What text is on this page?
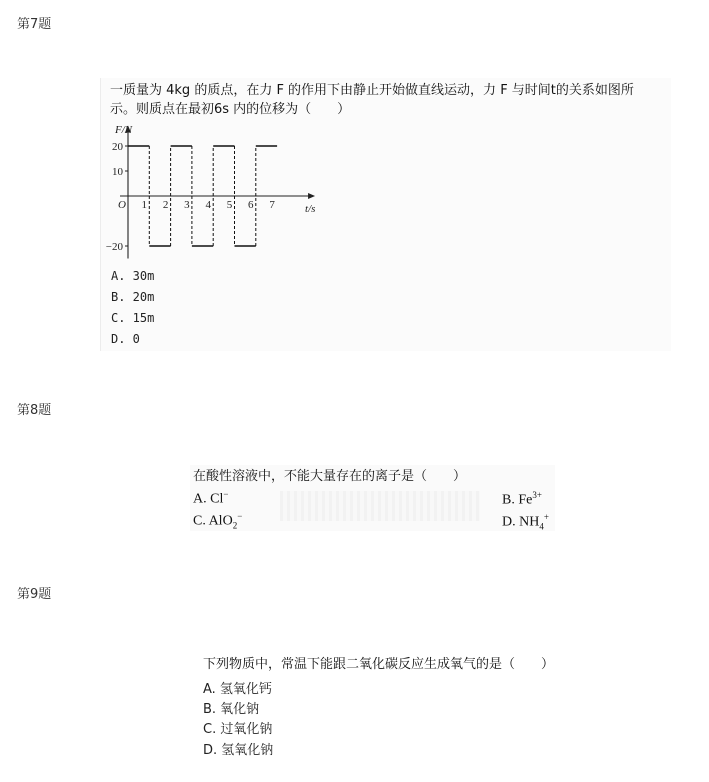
第7题
一质量为 4kg 的质点，在力 F 的作用下由静止开始做直线运动，力 F 与时间t的关系如图所
示。则质点在最初6s 内的位移为（　　）
20
10
−20
1 2 3 4 5 6 7
F/N
t/s
O
A. 30m
B. 20m
C. 15m
D. 0
第8题
在酸性溶液中，不能大量存在的离子是（　　）
A. Cl−	B. $Fe^{3+}$
C. AlO$_2$−	D. $NH_4^+$
第9题
下列物质中，常温下能跟二氧化碳反应生成氧气的是（　　）
A. 氢氧化钙
B. 氧化钠
C. 过氧化钠
D. 氢氧化钠
